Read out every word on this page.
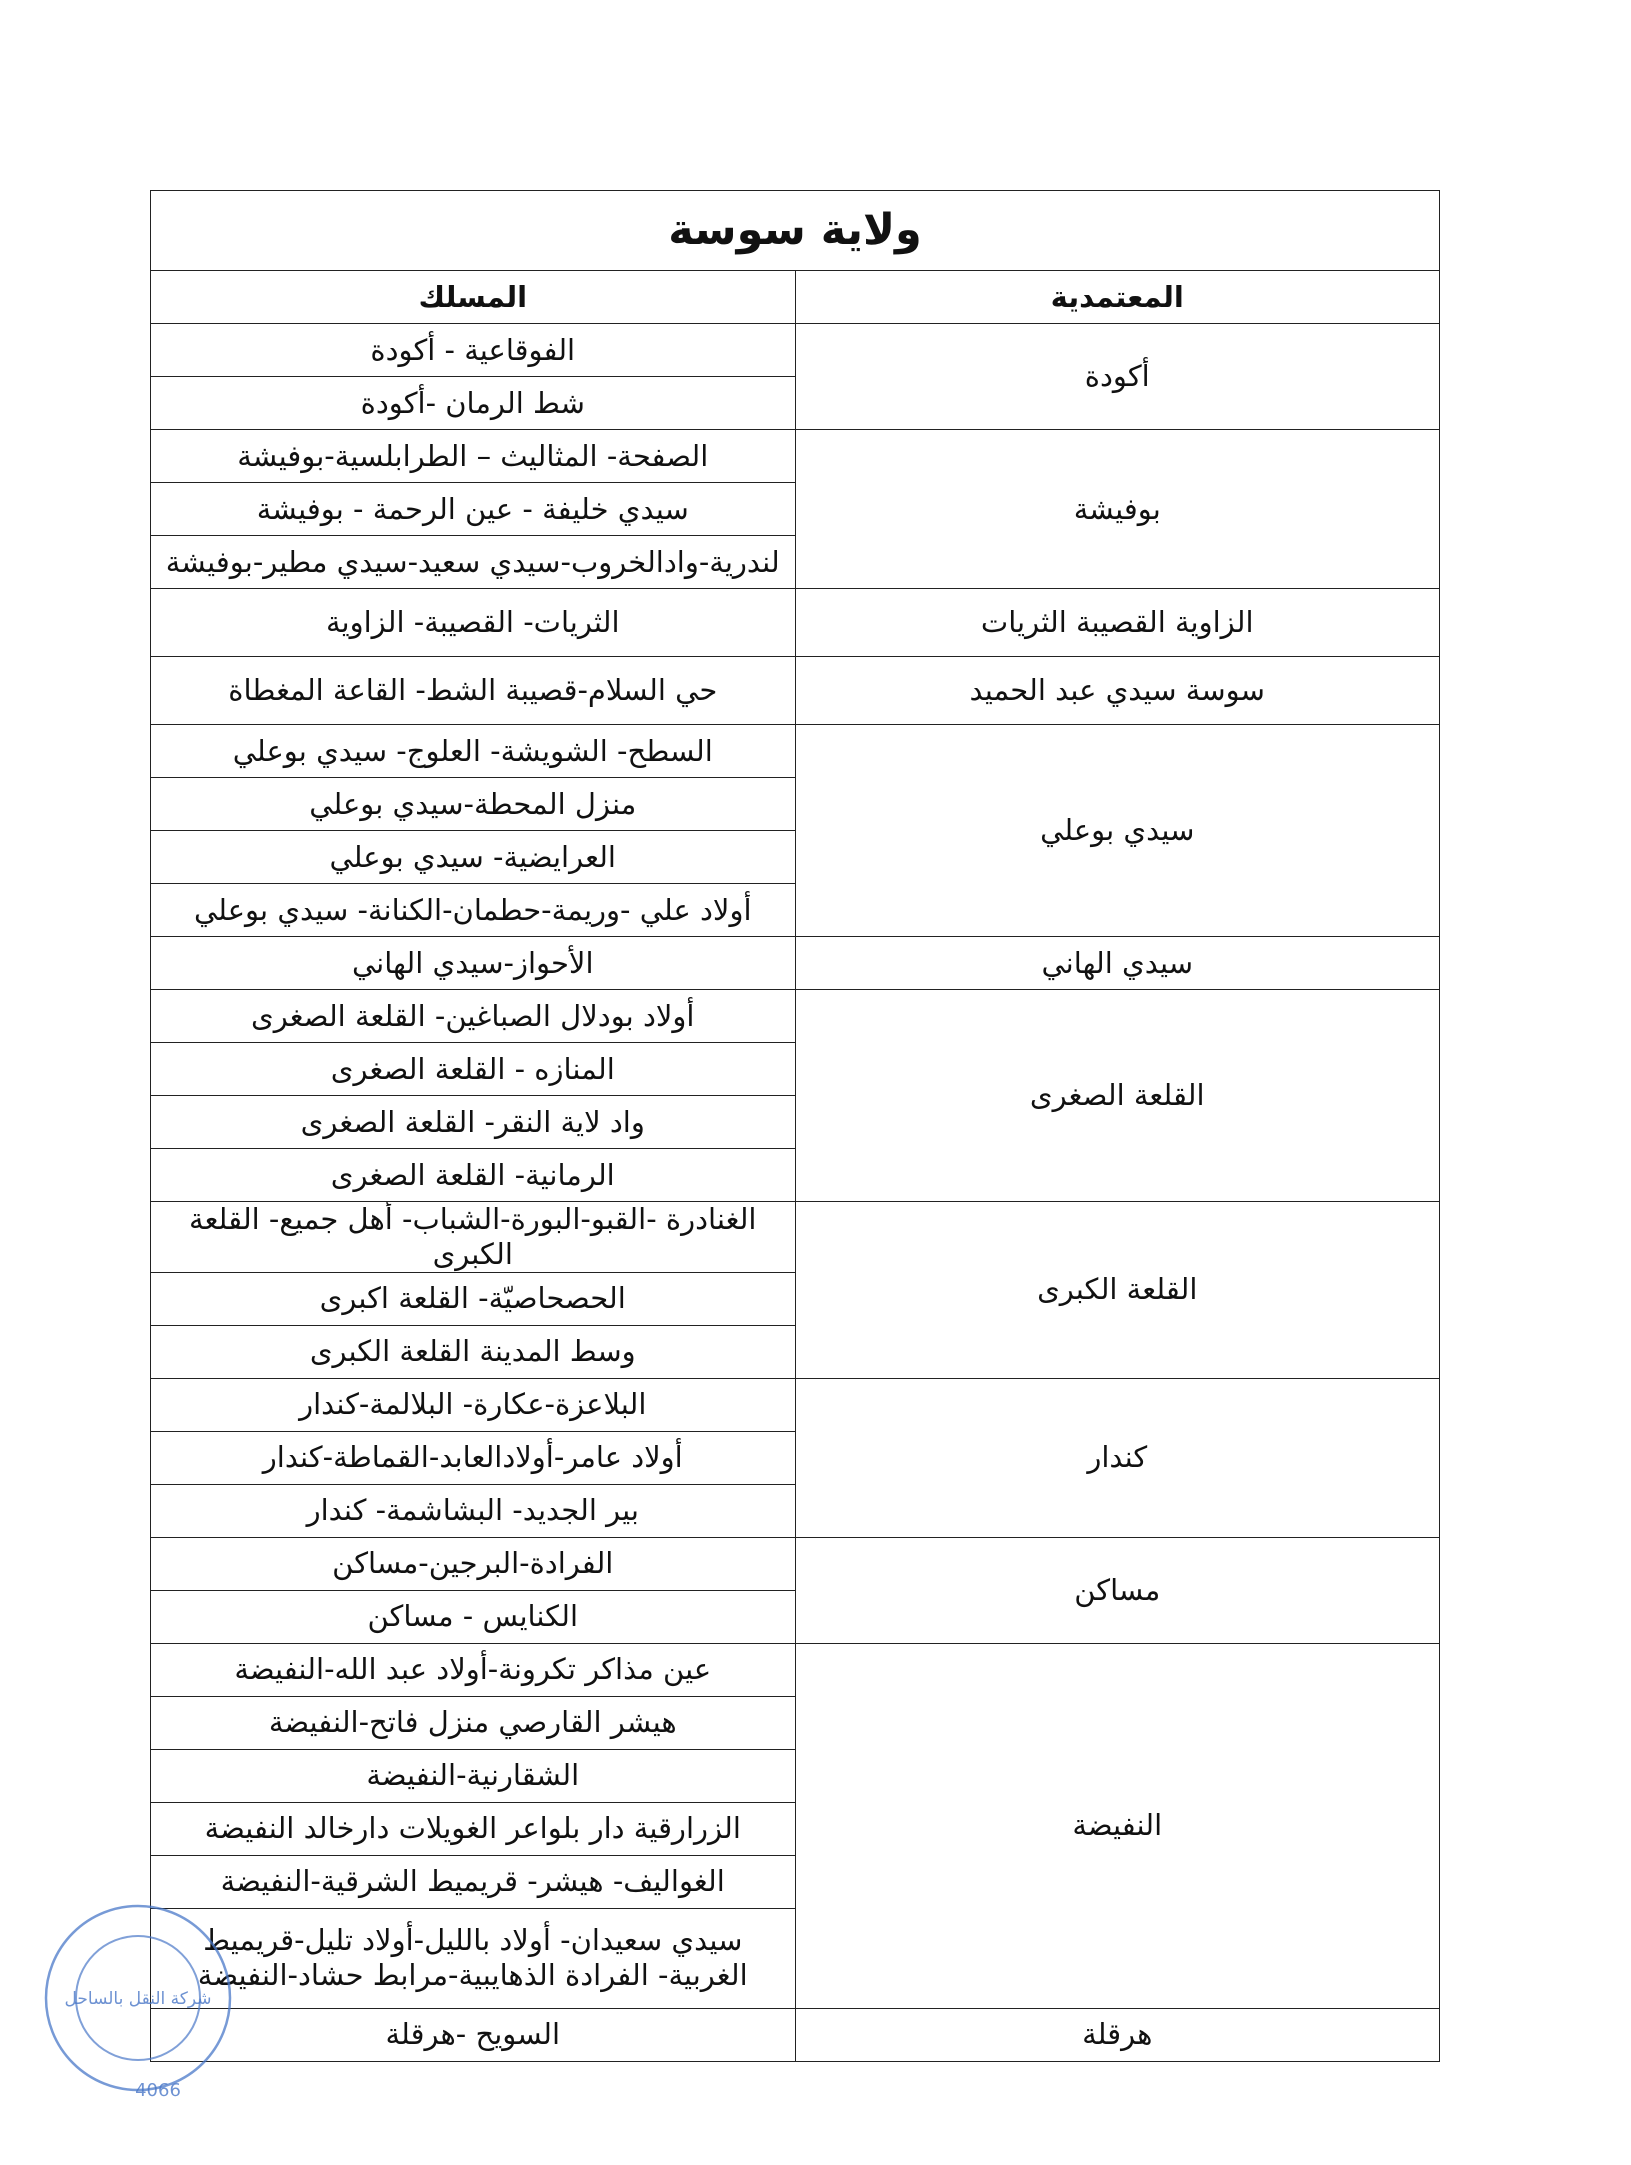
ولاية سوسة	
المعتمدية	المسلك
أكودة	الفوقاعية - أكودة
	شط الرمان -أكودة
بوفيشة	الصفحة- المثاليث – الطرابلسية-بوفيشة
	سيدي خليفة - عين الرحمة - بوفيشة
	لندرية-وادالخروب-سيدي سعيد-سيدي مطير-بوفيشة
الزاوية القصيبة الثريات	الثريات- القصيبة- الزاوية
سوسة سيدي عبد الحميد	حي السلام-قصيبة الشط- القاعة المغطاة
سيدي بوعلي	السطح- الشويشة- العلوج- سيدي بوعلي
	منزل المحطة-سيدي بوعلي
	العرايضية- سيدي بوعلي
	أولاد علي -وريمة-حطمان-الكنانة- سيدي بوعلي
سيدي الهاني	الأحواز-سيدي الهاني
القلعة الصغرى	أولاد بودلال الصباغين- القلعة الصغرى
	المنازه - القلعة الصغرى
	واد لاية النقر- القلعة الصغرى
	الرمانية- القلعة الصغرى
القلعة الكبرى	الغنادرة -القبو-البورة-الشباب- أهل جميع- القلعة الكبرى
	الحصحاصيّة- القلعة اكبرى
	وسط المدينة القلعة الكبرى
كندار	البلاعزة-عكارة- البلالمة-كندار
	أولاد عامر-أولادالعابد-القماطة-كندار
	بير الجديد- البشاشمة- كندار
مساكن	الفرادة-البرجين-مساكن
	الكنايس - مساكن
النفيضة	عين مذاكر تكرونة-أولاد عبد الله-النفيضة
	هيشر القارصي منزل فاتح-النفيضة
	الشقارنية-النفيضة
	الزرارقية دار بلواعر الغويلات دارخالد النفيضة
	الغواليف- هيشر- قريميط الشرقية-النفيضة
	سيدي سعيدان- أولاد بالليل-أولاد تليل-قريميط الغربية- الفرادة الذهايبية-مرابط حشاد-النفيضة
هرقلة	السويح -هرقلة
شركة النقل بالساحل
4066
